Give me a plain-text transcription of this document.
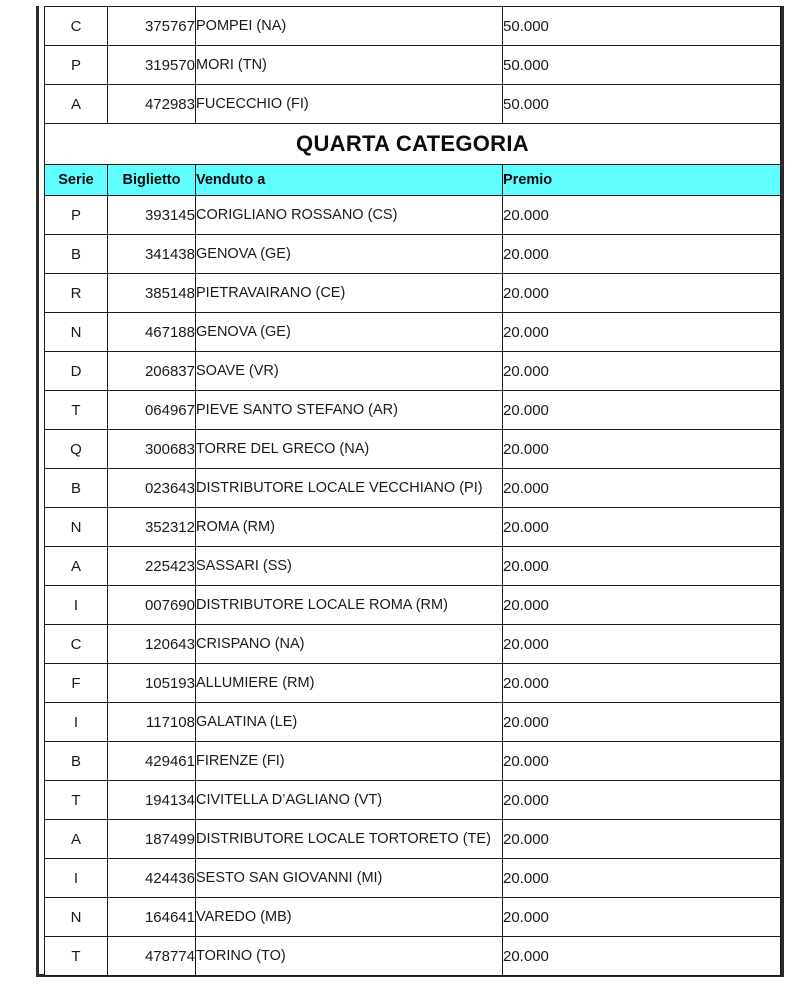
C	375767	POMPEI (NA)	50.000
P	319570	MORI (TN)	50.000
A	472983	FUCECCHIO (FI)	50.000
QUARTA CATEGORIA			
Serie	Biglietto	Venduto a	Premio
P	393145	CORIGLIANO ROSSANO (CS)	20.000
B	341438	GENOVA (GE)	20.000
R	385148	PIETRAVAIRANO (CE)	20.000
N	467188	GENOVA (GE)	20.000
D	206837	SOAVE (VR)	20.000
T	064967	PIEVE SANTO STEFANO (AR)	20.000
Q	300683	TORRE DEL GRECO (NA)	20.000
B	023643	DISTRIBUTORE LOCALE VECCHIANO (PI)	20.000
N	352312	ROMA (RM)	20.000
A	225423	SASSARI (SS)	20.000
I	007690	DISTRIBUTORE LOCALE ROMA (RM)	20.000
C	120643	CRISPANO (NA)	20.000
F	105193	ALLUMIERE (RM)	20.000
I	117108	GALATINA (LE)	20.000
B	429461	FIRENZE (FI)	20.000
T	194134	CIVITELLA D’AGLIANO (VT)	20.000
A	187499	DISTRIBUTORE LOCALE TORTORETO (TE)	20.000
I	424436	SESTO SAN GIOVANNI (MI)	20.000
N	164641	VAREDO (MB)	20.000
T	478774	TORINO (TO)	20.000
